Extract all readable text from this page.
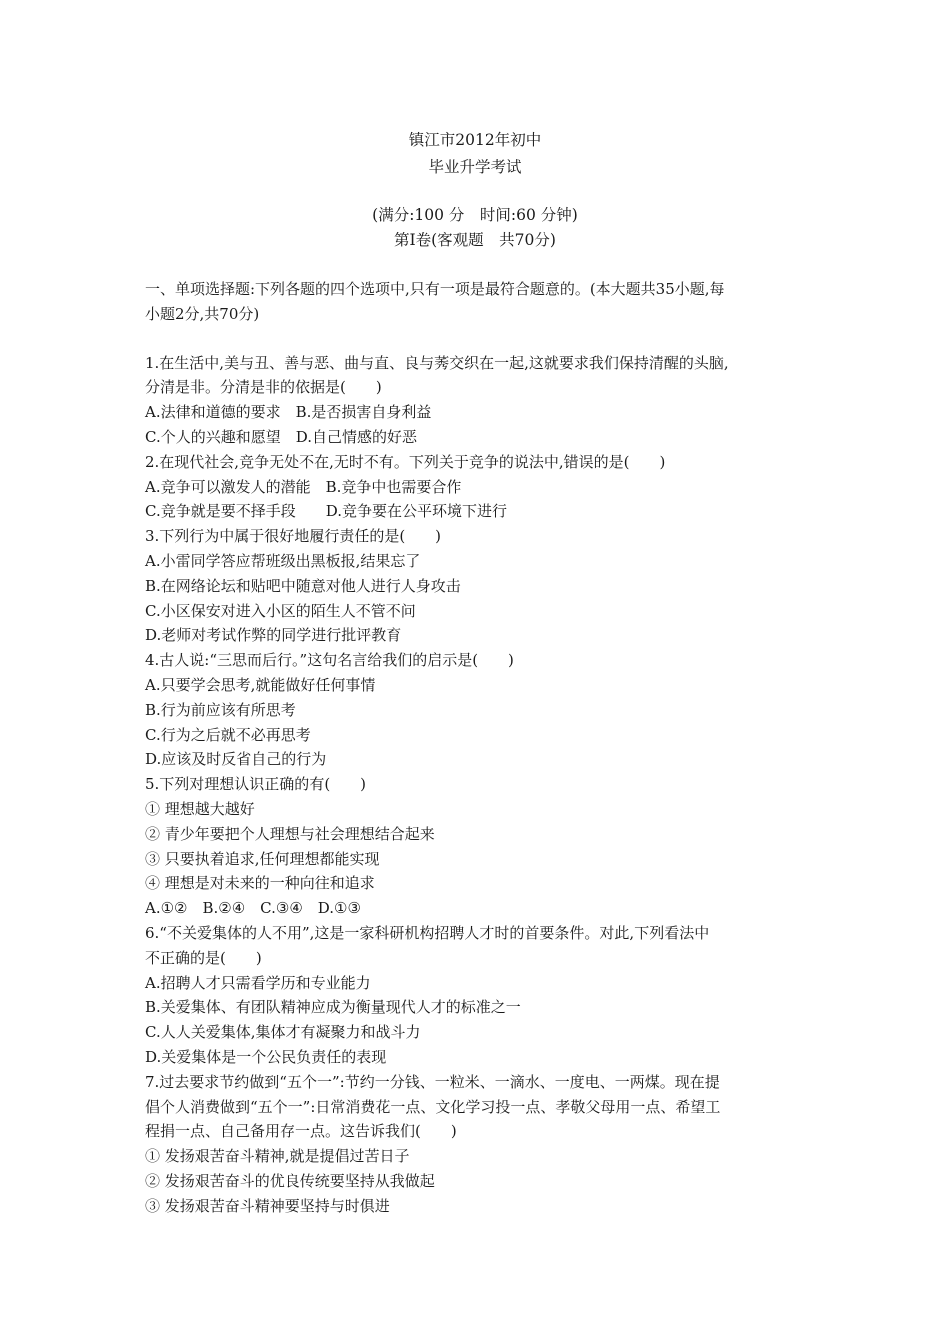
镇江市2012年初中
毕业升学考试
(满分:100 分　时间:60 分钟)
第Ⅰ卷(客观题　共70分)

一、单项选择题:下列各题的四个选项中,只有一项是最符合题意的。(本大题共35小题,每

小题2分,共70分)

1.在生活中,美与丑、善与恶、曲与直、良与莠交织在一起,这就要求我们保持清醒的头脑,

分清是非。分清是非的依据是(　　)

A.法律和道德的要求　B.是否损害自身利益

C.个人的兴趣和愿望　D.自己情感的好恶

2.在现代社会,竞争无处不在,无时不有。下列关于竞争的说法中,错误的是(　　)

A.竞争可以激发人的潜能　B.竞争中也需要合作

C.竞争就是要不择手段　　D.竞争要在公平环境下进行

3.下列行为中属于很好地履行责任的是(　　)

A.小雷同学答应帮班级出黑板报,结果忘了

B.在网络论坛和贴吧中随意对他人进行人身攻击

C.小区保安对进入小区的陌生人不管不问

D.老师对考试作弊的同学进行批评教育

4.古人说:“三思而后行。”这句名言给我们的启示是(　　)

A.只要学会思考,就能做好任何事情

B.行为前应该有所思考

C.行为之后就不必再思考

D.应该及时反省自己的行为

5.下列对理想认识正确的有(　　)

① 理想越大越好

② 青少年要把个人理想与社会理想结合起来

③ 只要执着追求,任何理想都能实现

④ 理想是对未来的一种向往和追求

A.①②　B.②④　C.③④　D.①③

6.“不关爱集体的人不用”,这是一家科研机构招聘人才时的首要条件。对此,下列看法中

不正确的是(　　)

A.招聘人才只需看学历和专业能力

B.关爱集体、有团队精神应成为衡量现代人才的标准之一

C.人人关爱集体,集体才有凝聚力和战斗力

D.关爱集体是一个公民负责任的表现

7.过去要求节约做到“五个一”:节约一分钱、一粒米、一滴水、一度电、一两煤。现在提

倡个人消费做到“五个一”:日常消费花一点、文化学习投一点、孝敬父母用一点、希望工

程捐一点、自己备用存一点。这告诉我们(　　)

① 发扬艰苦奋斗精神,就是提倡过苦日子

② 发扬艰苦奋斗的优良传统要坚持从我做起

③ 发扬艰苦奋斗精神要坚持与时俱进
